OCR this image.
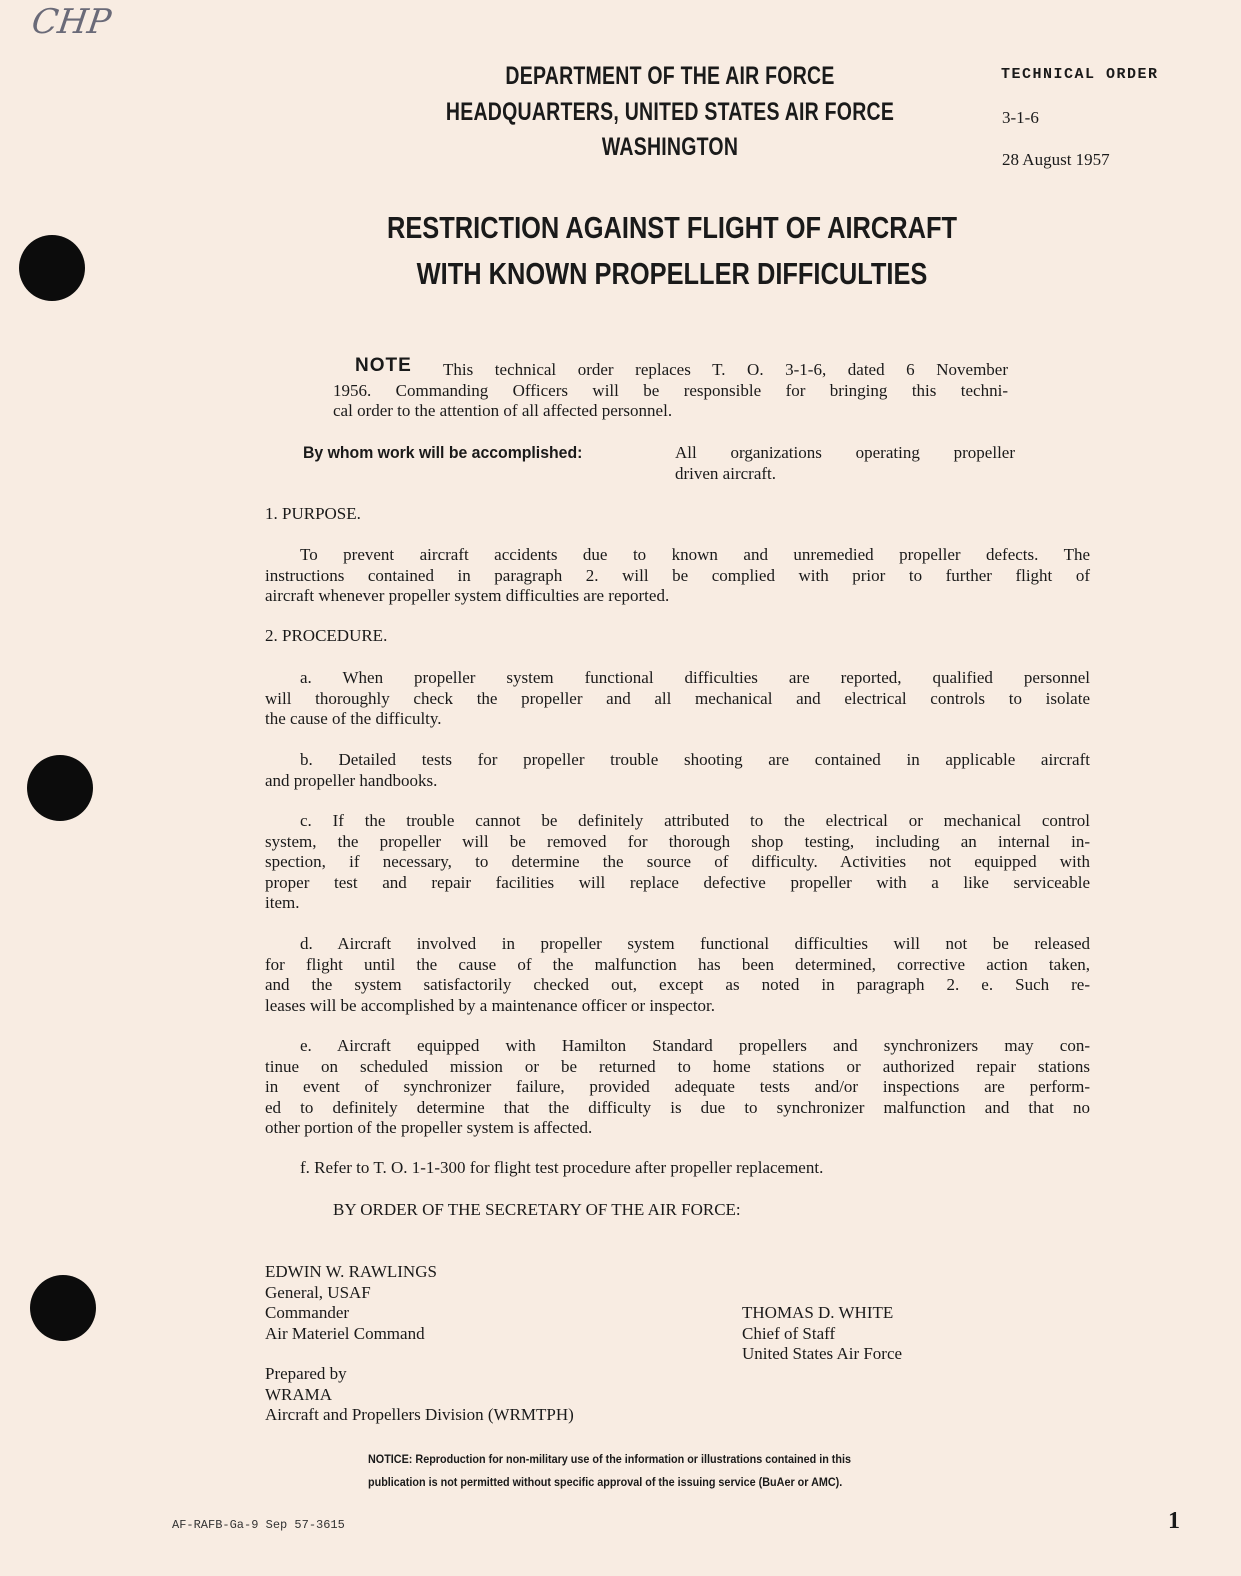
CHP
DEPARTMENT OF THE AIR FORCE
HEADQUARTERS, UNITED STATES AIR FORCE
WASHINGTON
TECHNICAL ORDER
3-1-6
28 August 1957
RESTRICTION AGAINST FLIGHT OF AIRCRAFT
WITH KNOWN PROPELLER DIFFICULTIES
NOTE	This technical order replaces T. O. 3-1-6, dated 6 November
1956. Commanding Officers will be responsible for bringing this techni-
cal order to the attention of all affected personnel.
By whom work will be accomplished:	All organizations operating propeller
driven aircraft.
1. PURPOSE.
To prevent aircraft accidents due to known and unremedied propeller defects. The
instructions contained in paragraph 2. will be complied with prior to further flight of
aircraft whenever propeller system difficulties are reported.
2. PROCEDURE.
a. When propeller system functional difficulties are reported, qualified personnel
will thoroughly check the propeller and all mechanical and electrical controls to isolate
the cause of the difficulty.
b. Detailed tests for propeller trouble shooting are contained in applicable aircraft
and propeller handbooks.
c. If the trouble cannot be definitely attributed to the electrical or mechanical control
system, the propeller will be removed for thorough shop testing, including an internal in-
spection, if necessary, to determine the source of difficulty. Activities not equipped with
proper test and repair facilities will replace defective propeller with a like serviceable
item.
d. Aircraft involved in propeller system functional difficulties will not be released
for flight until the cause of the malfunction has been determined, corrective action taken,
and the system satisfactorily checked out, except as noted in paragraph 2. e. Such re-
leases will be accomplished by a maintenance officer or inspector.
e. Aircraft equipped with Hamilton Standard propellers and synchronizers may con-
tinue on scheduled mission or be returned to home stations or authorized repair stations
in event of synchronizer failure, provided adequate tests and/or inspections are perform-
ed to definitely determine that the difficulty is due to synchronizer malfunction and that no
other portion of the propeller system is affected.
f. Refer to T. O. 1-1-300 for flight test procedure after propeller replacement.
BY ORDER OF THE SECRETARY OF THE AIR FORCE:
EDWIN W. RAWLINGS
General, USAF
Commander
Air Materiel Command
THOMAS D. WHITE
Chief of Staff
United States Air Force
Prepared by
WRAMA
Aircraft and Propellers Division (WRMTPH)
NOTICE: Reproduction for non-military use of the information or illustrations contained in this
publication is not permitted without specific approval of the issuing service (BuAer or AMC).
AF-RAFB-Ga-9 Sep 57-3615	1
